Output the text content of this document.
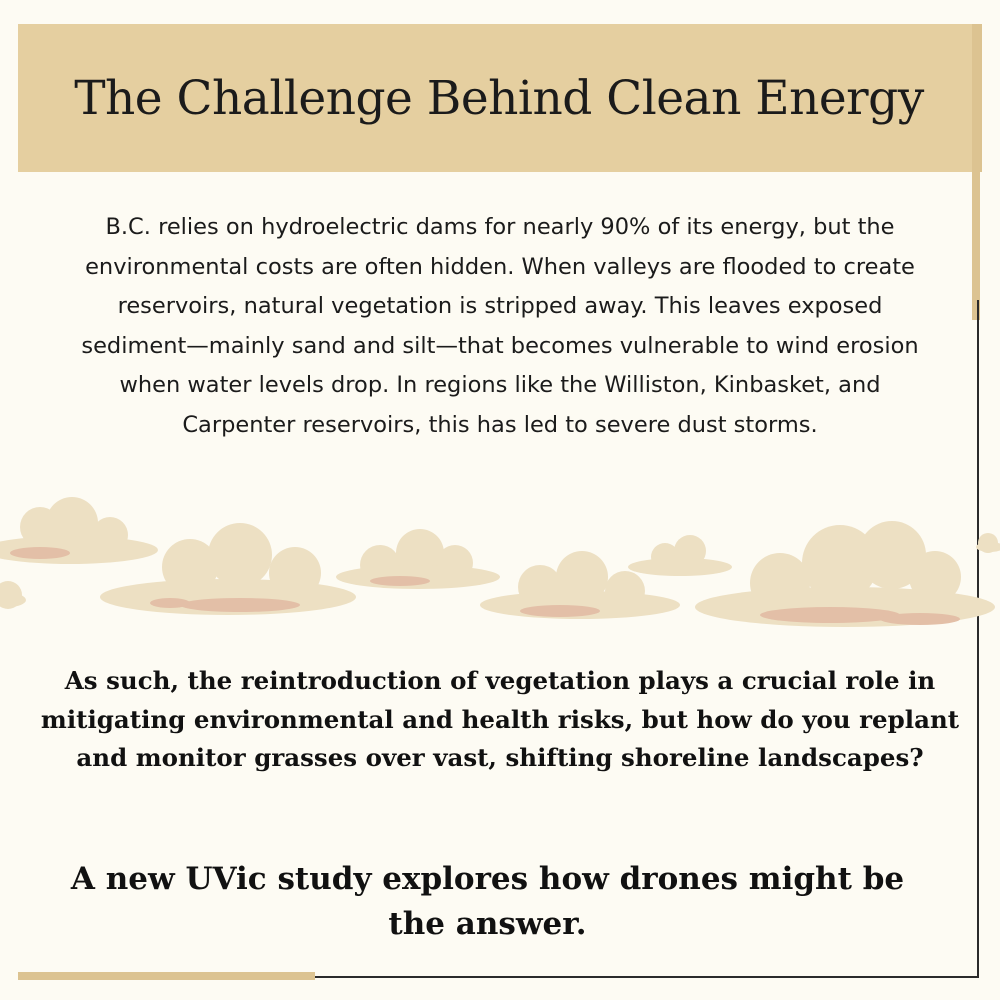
The Challenge Behind Clean Energy

B.C. relies on hydroelectric dams for nearly 90% of its energy, but the environmental costs are often hidden. When valleys are flooded to create reservoirs, natural vegetation is stripped away. This leaves exposed sediment—mainly sand and silt—that becomes vulnerable to wind erosion when water levels drop. In regions like the Williston, Kinbasket, and Carpenter reservoirs, this has led to severe dust storms.

As such, the reintroduction of vegetation plays a crucial role in mitigating environmental and health risks, but how do you replant and monitor grasses over vast, shifting shoreline landscapes?

A new UVic study explores how drones might be the answer.
